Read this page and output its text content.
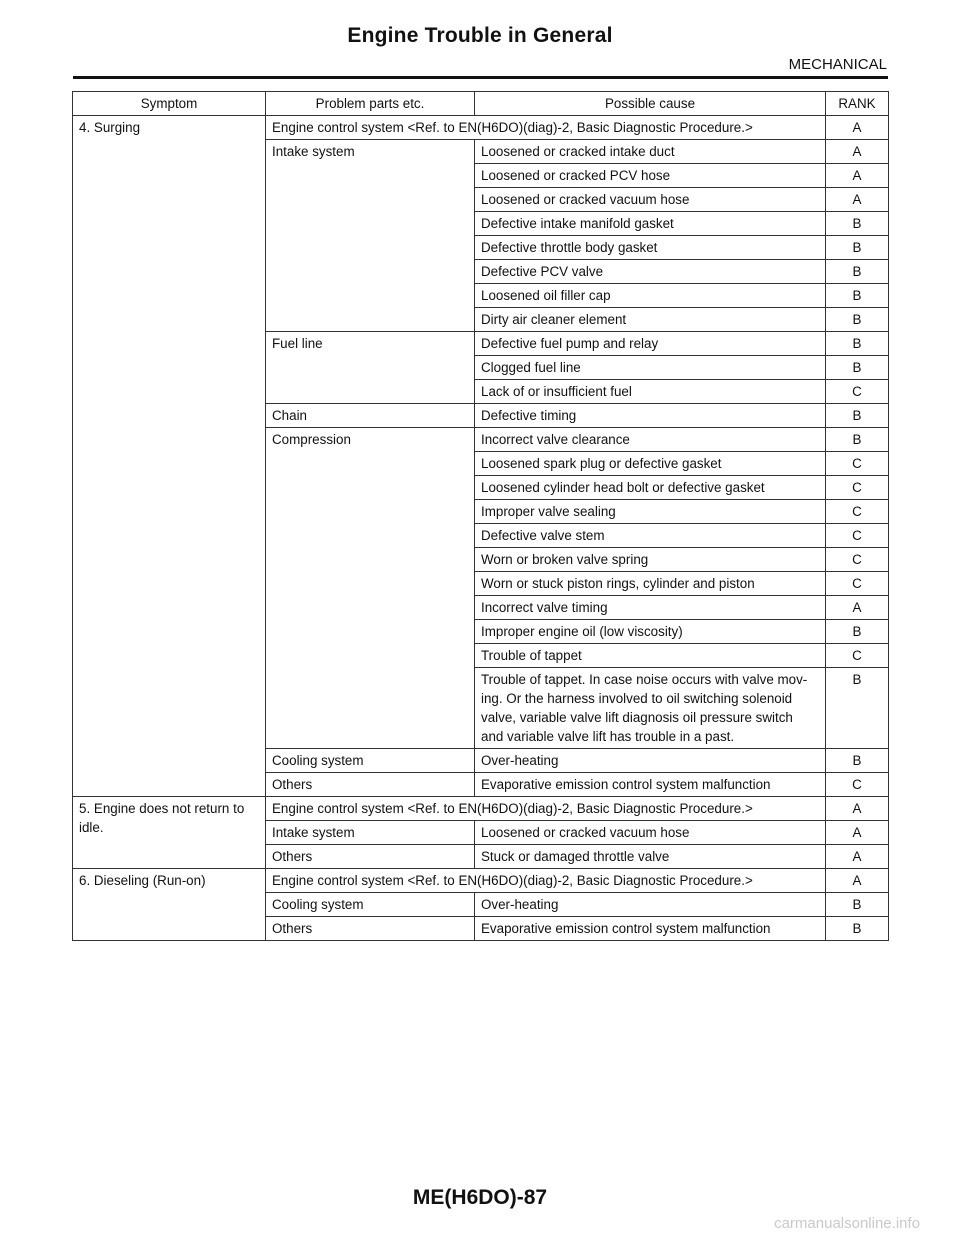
Engine Trouble in General
MECHANICAL
Symptom	Problem parts etc.	Possible cause	RANK
4. Surging	Engine control system <Ref. to EN(H6DO)(diag)-2, Basic Diagnostic Procedure.>		A
	Intake system	Loosened or cracked intake duct	A
		Loosened or cracked PCV hose	A
		Loosened or cracked vacuum hose	A
		Defective intake manifold gasket	B
		Defective throttle body gasket	B
		Defective PCV valve	B
		Loosened oil filler cap	B
		Dirty air cleaner element	B
	Fuel line	Defective fuel pump and relay	B
		Clogged fuel line	B
		Lack of or insufficient fuel	C
	Chain	Defective timing	B
	Compression	Incorrect valve clearance	B
		Loosened spark plug or defective gasket	C
		Loosened cylinder head bolt or defective gasket	C
		Improper valve sealing	C
		Defective valve stem	C
		Worn or broken valve spring	C
		Worn or stuck piston rings, cylinder and piston	C
		Incorrect valve timing	A
		Improper engine oil (low viscosity)	B
		Trouble of tappet	C
		Trouble of tappet. In case noise occurs with valve mov-
ing. Or the harness involved to oil switching solenoid
valve, variable valve lift diagnosis oil pressure switch
and variable valve lift has trouble in a past.	B
	Cooling system	Over-heating	B
	Others	Evaporative emission control system malfunction	C
5. Engine does not return to
idle.	Engine control system <Ref. to EN(H6DO)(diag)-2, Basic Diagnostic Procedure.>		A
	Intake system	Loosened or cracked vacuum hose	A
	Others	Stuck or damaged throttle valve	A
6. Dieseling (Run-on)	Engine control system <Ref. to EN(H6DO)(diag)-2, Basic Diagnostic Procedure.>		A
	Cooling system	Over-heating	B
	Others	Evaporative emission control system malfunction	B
ME(H6DO)-87
carmanualsonline.info
